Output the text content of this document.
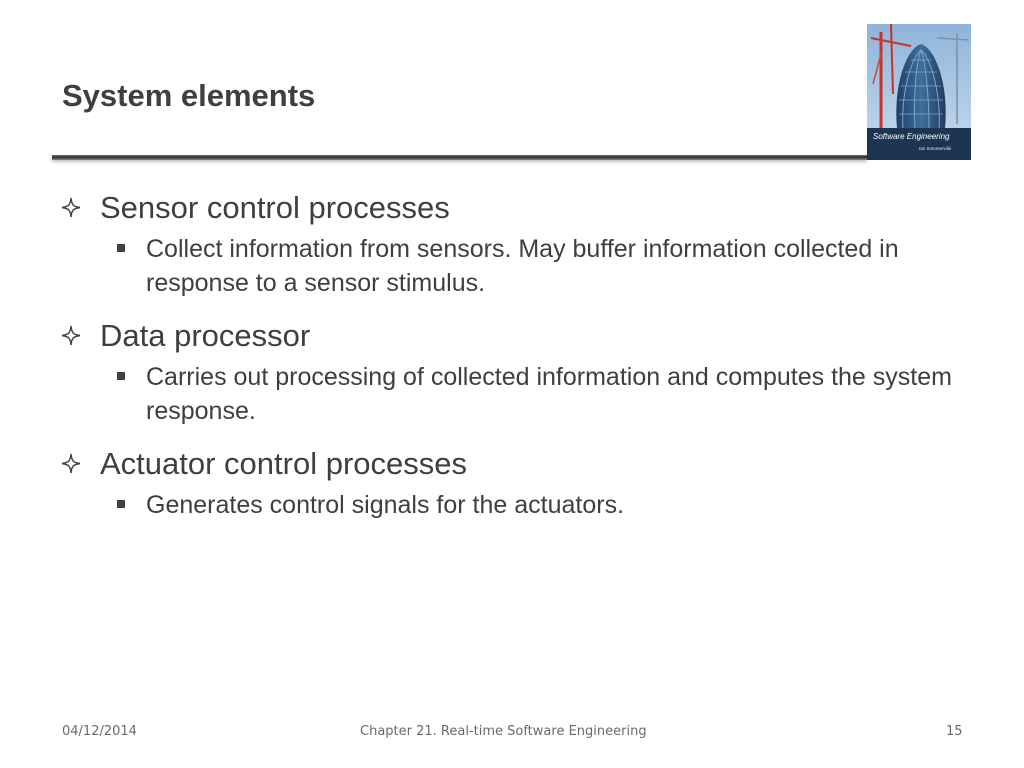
System elements
Software Engineering
Ian Sommerville
Sensor control processes
Collect information from sensors. May buffer information collected in response to a sensor stimulus.
Data processor
Carries out processing of collected information and computes the system response.
Actuator control processes
Generates control signals for the actuators.
04/12/2014	Chapter 21. Real-time Software Engineering	15
